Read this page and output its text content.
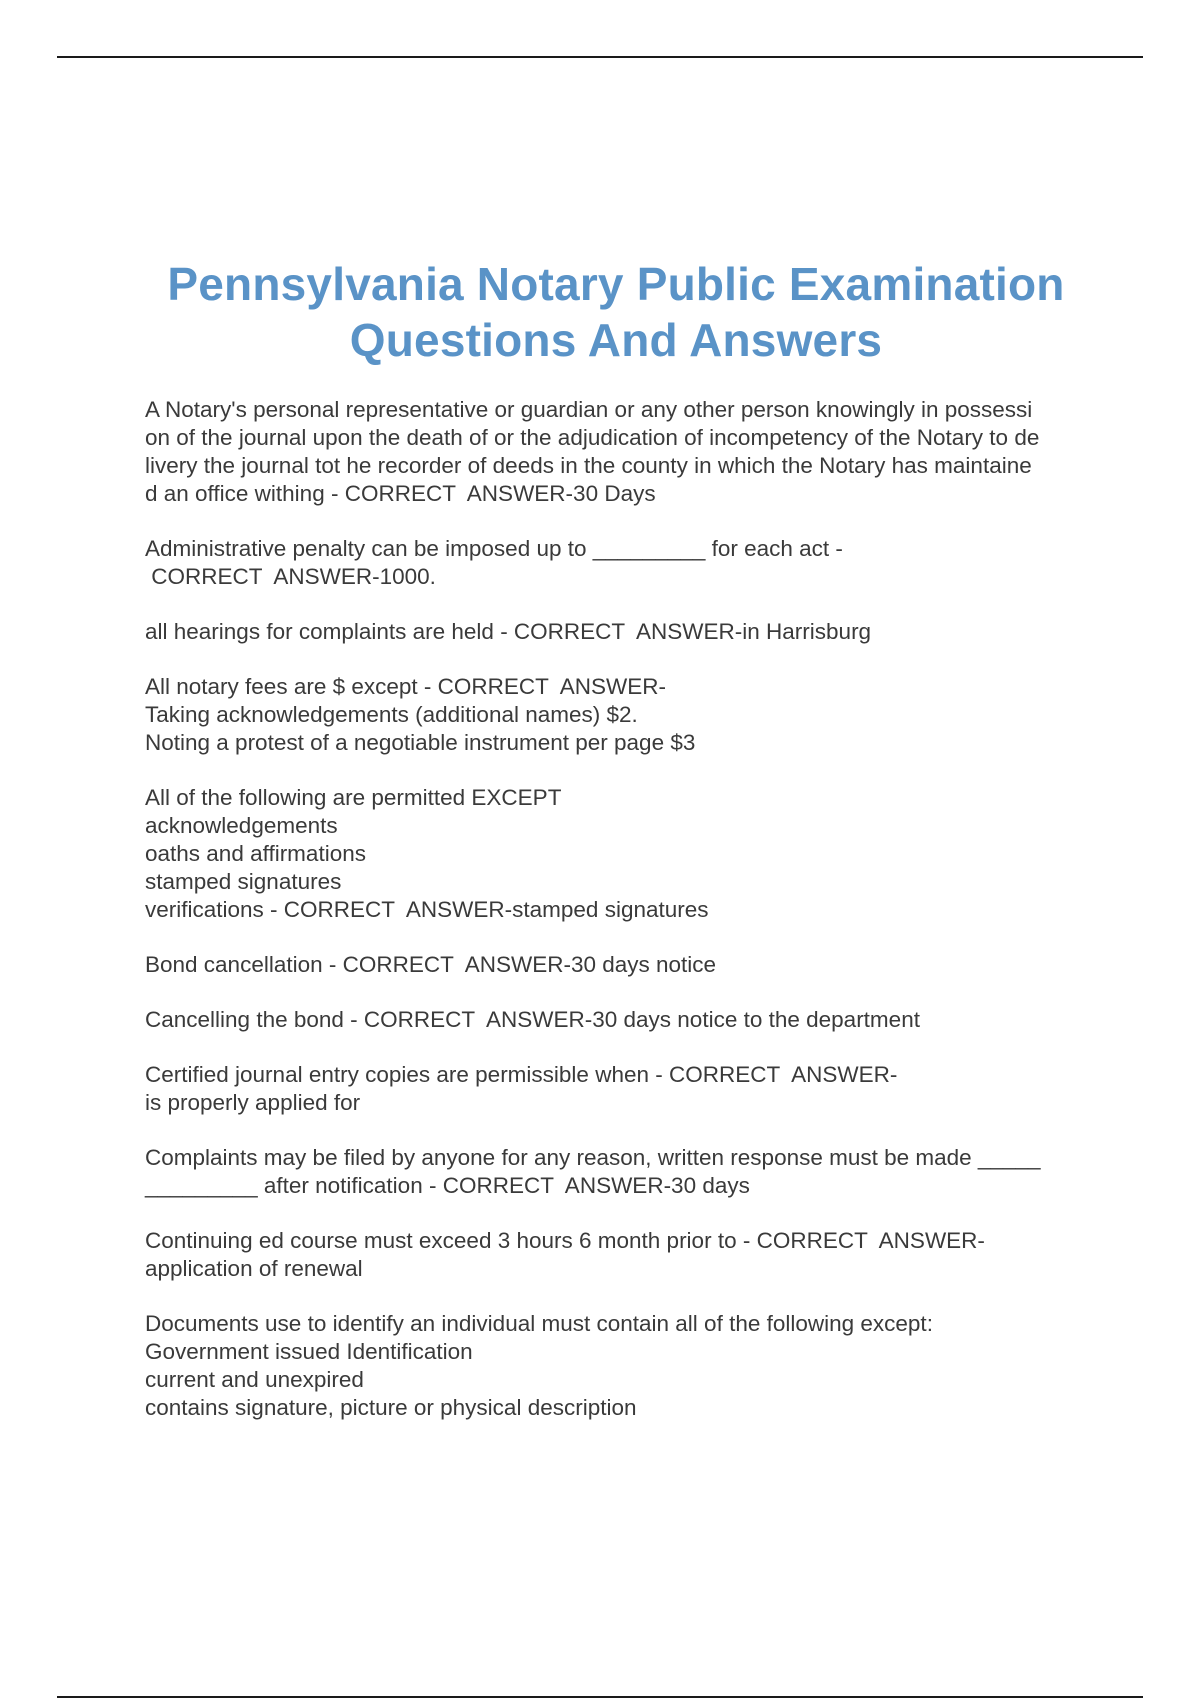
Pennsylvania Notary Public Examination
Questions And Answers
A Notary's personal representative or guardian or any other person knowingly in possessi
on of the journal upon the death of or the adjudication of incompetency of the Notary to de
livery the journal tot he recorder of deeds in the county in which the Notary has maintaine
d an office withing - CORRECT  ANSWER-30 Days
Administrative penalty can be imposed up to _________ for each act -
CORRECT  ANSWER-1000.
all hearings for complaints are held - CORRECT  ANSWER-in Harrisburg
All notary fees are $ except - CORRECT  ANSWER-
Taking acknowledgements (additional names) $2.
Noting a protest of a negotiable instrument per page $3
All of the following are permitted EXCEPT
acknowledgements
oaths and affirmations
stamped signatures
verifications - CORRECT  ANSWER-stamped signatures
Bond cancellation - CORRECT  ANSWER-30 days notice
Cancelling the bond - CORRECT  ANSWER-30 days notice to the department
Certified journal entry copies are permissible when - CORRECT  ANSWER-
is properly applied for
Complaints may be filed by anyone for any reason, written response must be made _____
_________ after notification - CORRECT  ANSWER-30 days
Continuing ed course must exceed 3 hours 6 month prior to - CORRECT  ANSWER-
application of renewal
Documents use to identify an individual must contain all of the following except:
Government issued Identification
current and unexpired
contains signature, picture or physical description
